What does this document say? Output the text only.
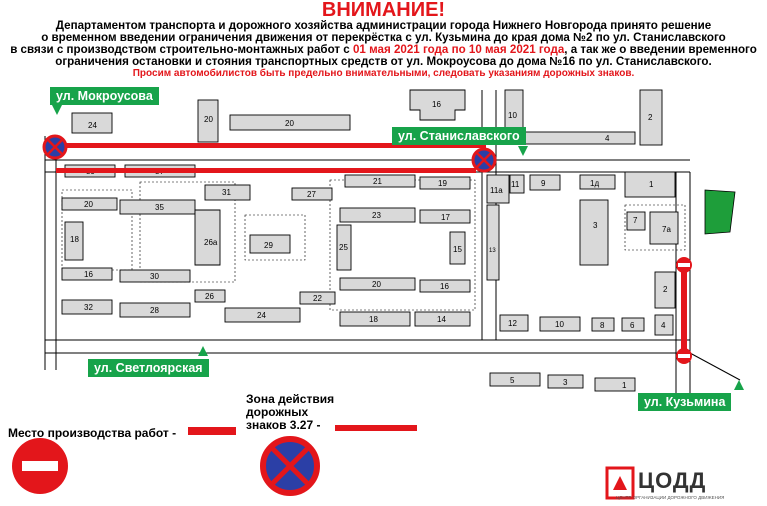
24
20	20
16
10	2
4
31	27
21	19
11a
11	9	1д	1
20	35
23	17
3
7
7a
18	26a	29	25	15	13
16	30
20	16	2
26	22
32	28
24	18	14	12	10	8	6	4
5	3	1
ВНИМАНИЕ!
Департаментом транспорта и дорожного хозяйства администрации города Нижнего Новгорода принято решение
о временном введении ограничения движения от перекрёстка с ул. Кузьмина до края дома №2 по ул. Станиславского
в связи с производством строительно-монтажных работ с 01 мая 2021 года по 10 мая 2021 года, а так же о введении временного
ограничения остановки и стояния транспортных средств от ул. Мокроусова до дома №16 по ул. Станиславского.
Просим автомобилистов быть предельно внимательными, следовать указаниям дорожных знаков.
ул. Мокроусова
ул. Станиславского
ул. Светлоярская
ул. Кузьмина
Место производства работ -
Зона действия
дорожных
знаков 3.27 -
ЦОДД
ЦЕНТР ОРГАНИЗАЦИИ ДОРОЖНОГО ДВИЖЕНИЯ
